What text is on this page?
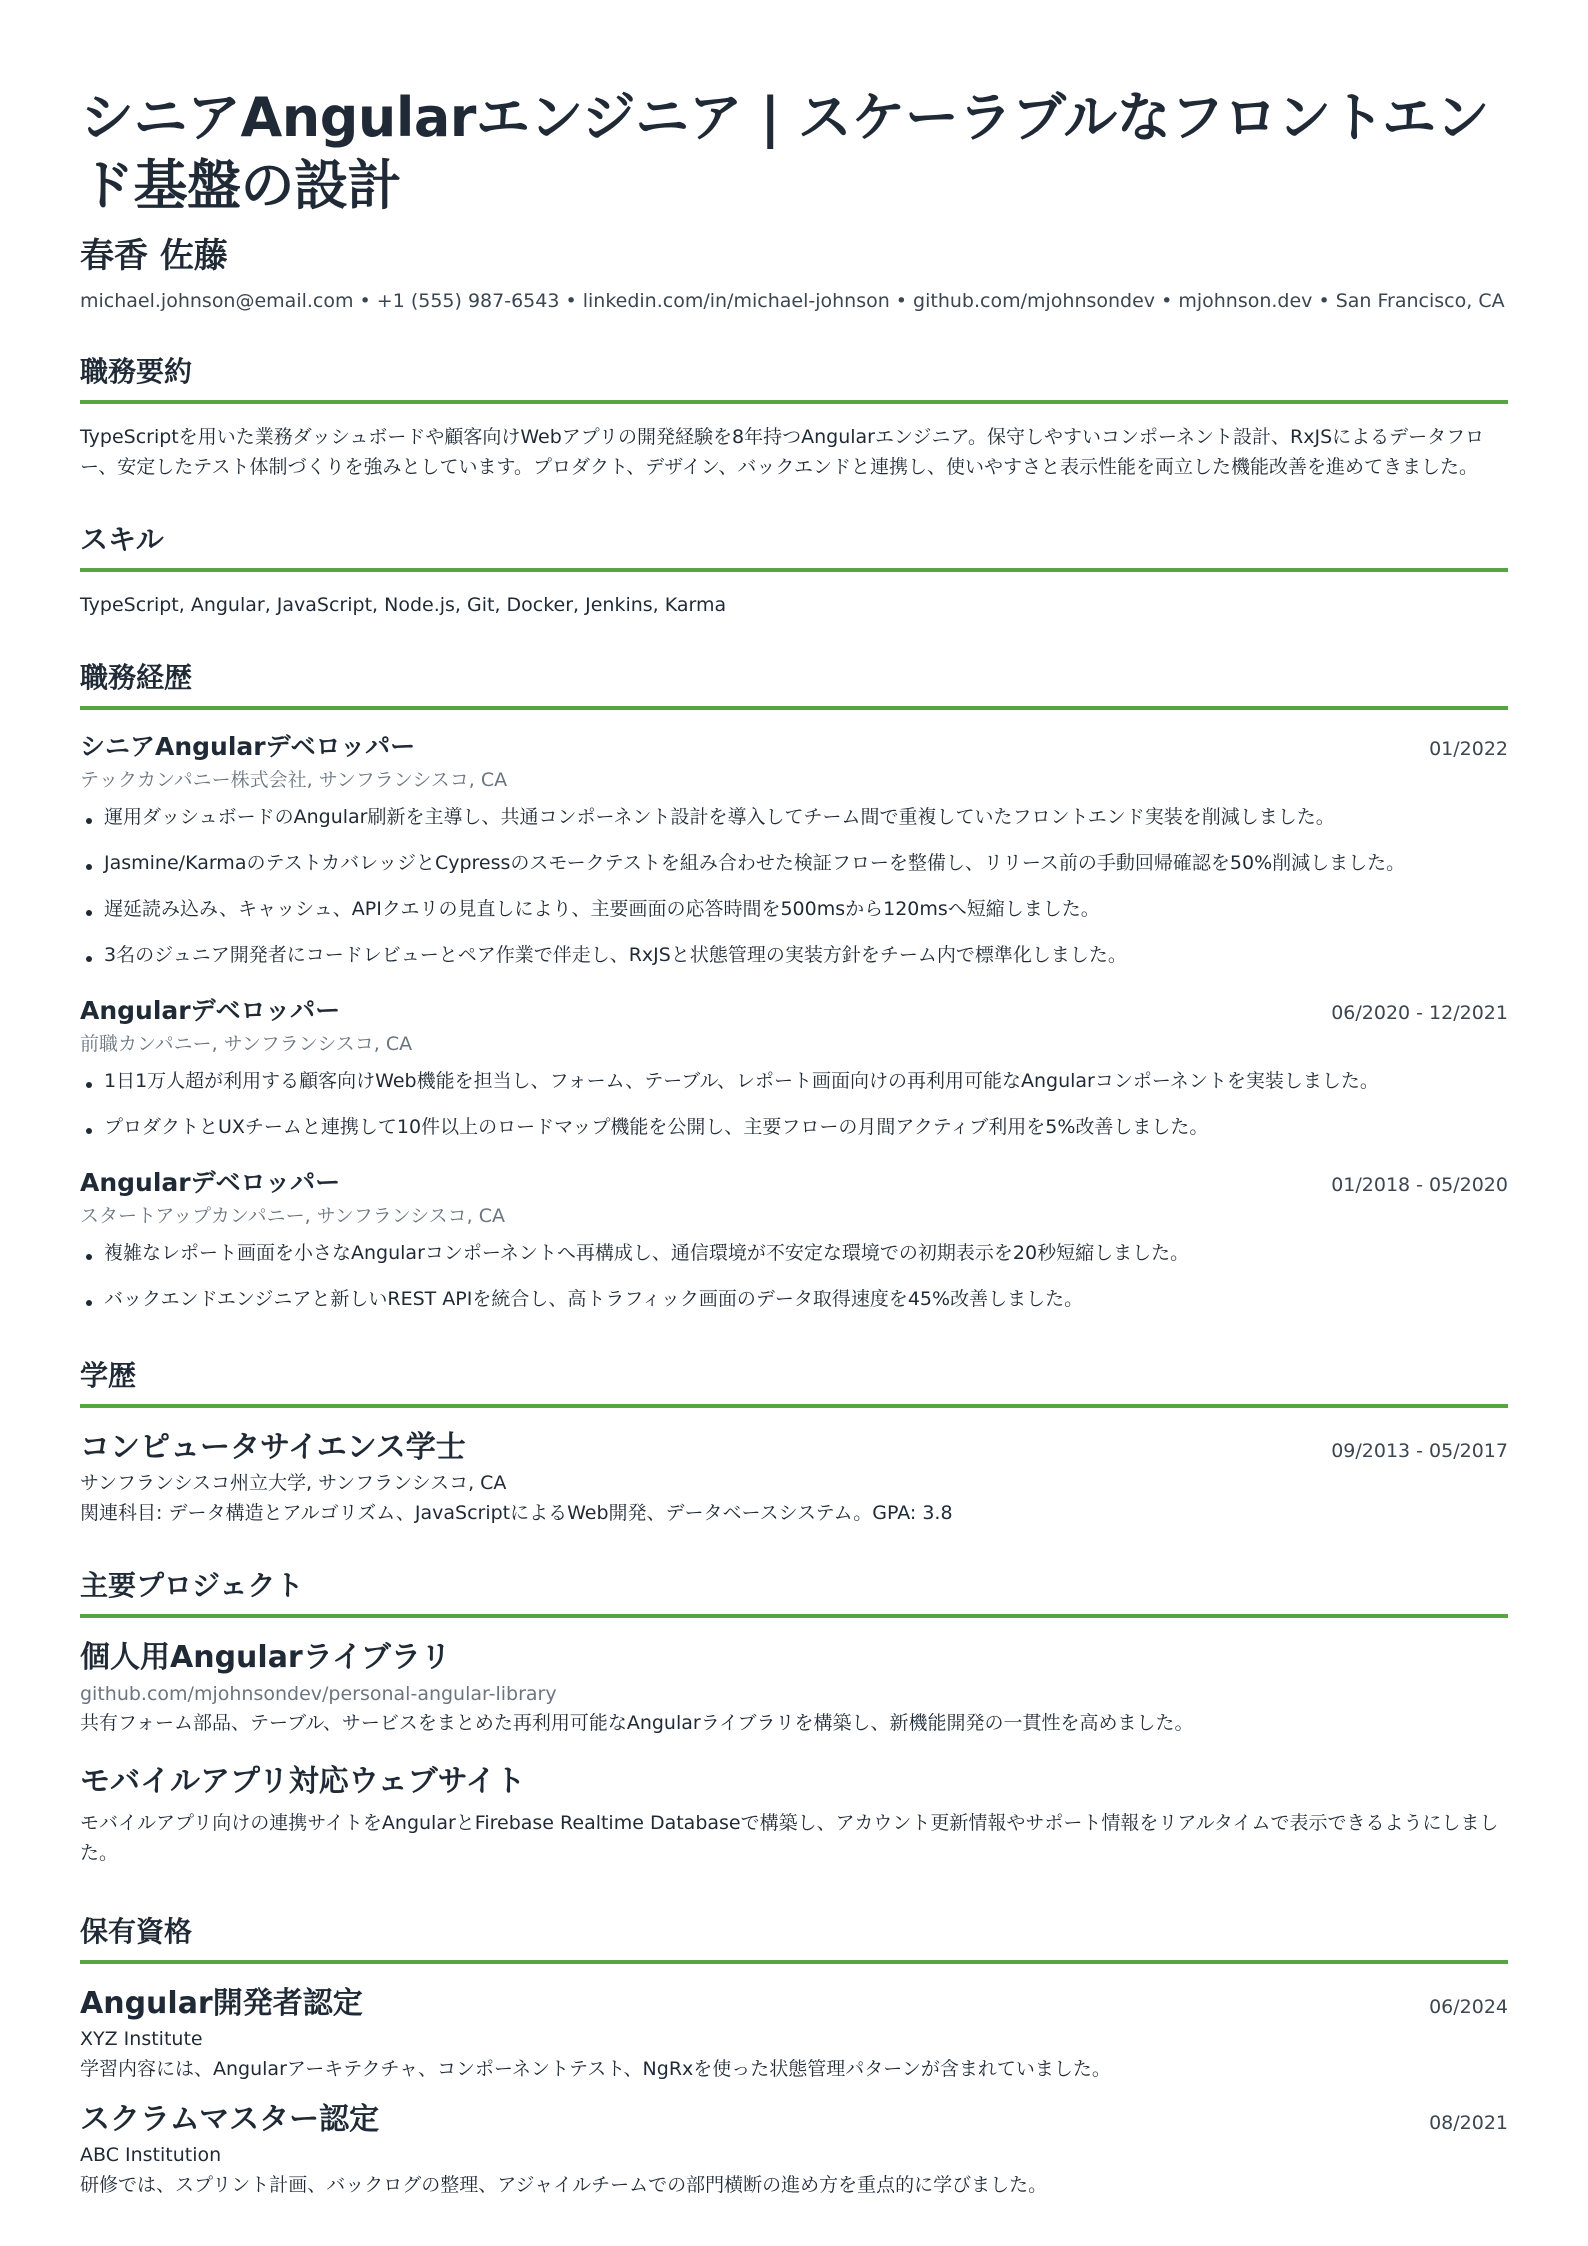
シニアAngularエンジニア | スケーラブルなフロントエンド基盤の設計
春香 佐藤
michael.johnson@email.com • +1 (555) 987-6543 • linkedin.com/in/michael-johnson • github.com/mjohnsondev • mjohnson.dev • San Francisco, CA
職務要約
TypeScriptを用いた業務ダッシュボードや顧客向けWebアプリの開発経験を8年持つAngularエンジニア。保守しやすいコンポーネント設計、RxJSによるデータフロー、安定したテスト体制づくりを強みとしています。プロダクト、デザイン、バックエンドと連携し、使いやすさと表示性能を両立した機能改善を進めてきました。
スキル
TypeScript, Angular, JavaScript, Node.js, Git, Docker, Jenkins, Karma
職務経歴
シニアAngularデベロッパー	01/2022
テックカンパニー株式会社, サンフランシスコ, CA
運用ダッシュボードのAngular刷新を主導し、共通コンポーネント設計を導入してチーム間で重複していたフロントエンド実装を削減しました。
Jasmine/KarmaのテストカバレッジとCypressのスモークテストを組み合わせた検証フローを整備し、リリース前の手動回帰確認を50%削減しました。
遅延読み込み、キャッシュ、APIクエリの見直しにより、主要画面の応答時間を500msから120msへ短縮しました。
3名のジュニア開発者にコードレビューとペア作業で伴走し、RxJSと状態管理の実装方針をチーム内で標準化しました。
Angularデベロッパー	06/2020 - 12/2021
前職カンパニー, サンフランシスコ, CA
1日1万人超が利用する顧客向けWeb機能を担当し、フォーム、テーブル、レポート画面向けの再利用可能なAngularコンポーネントを実装しました。
プロダクトとUXチームと連携して10件以上のロードマップ機能を公開し、主要フローの月間アクティブ利用を5%改善しました。
Angularデベロッパー	01/2018 - 05/2020
スタートアップカンパニー, サンフランシスコ, CA
複雑なレポート画面を小さなAngularコンポーネントへ再構成し、通信環境が不安定な環境での初期表示を20秒短縮しました。
バックエンドエンジニアと新しいREST APIを統合し、高トラフィック画面のデータ取得速度を45%改善しました。
学歴
コンピュータサイエンス学士	09/2013 - 05/2017
サンフランシスコ州立大学, サンフランシスコ, CA
関連科目: データ構造とアルゴリズム、JavaScriptによるWeb開発、データベースシステム。GPA: 3.8
主要プロジェクト
個人用Angularライブラリ
github.com/mjohnsondev/personal-angular-library
共有フォーム部品、テーブル、サービスをまとめた再利用可能なAngularライブラリを構築し、新機能開発の一貫性を高めました。
モバイルアプリ対応ウェブサイト
モバイルアプリ向けの連携サイトをAngularとFirebase Realtime Databaseで構築し、アカウント更新情報やサポート情報をリアルタイムで表示できるようにしました。
保有資格
Angular開発者認定	06/2024
XYZ Institute
学習内容には、Angularアーキテクチャ、コンポーネントテスト、NgRxを使った状態管理パターンが含まれていました。
スクラムマスター認定	08/2021
ABC Institution
研修では、スプリント計画、バックログの整理、アジャイルチームでの部門横断の進め方を重点的に学びました。
